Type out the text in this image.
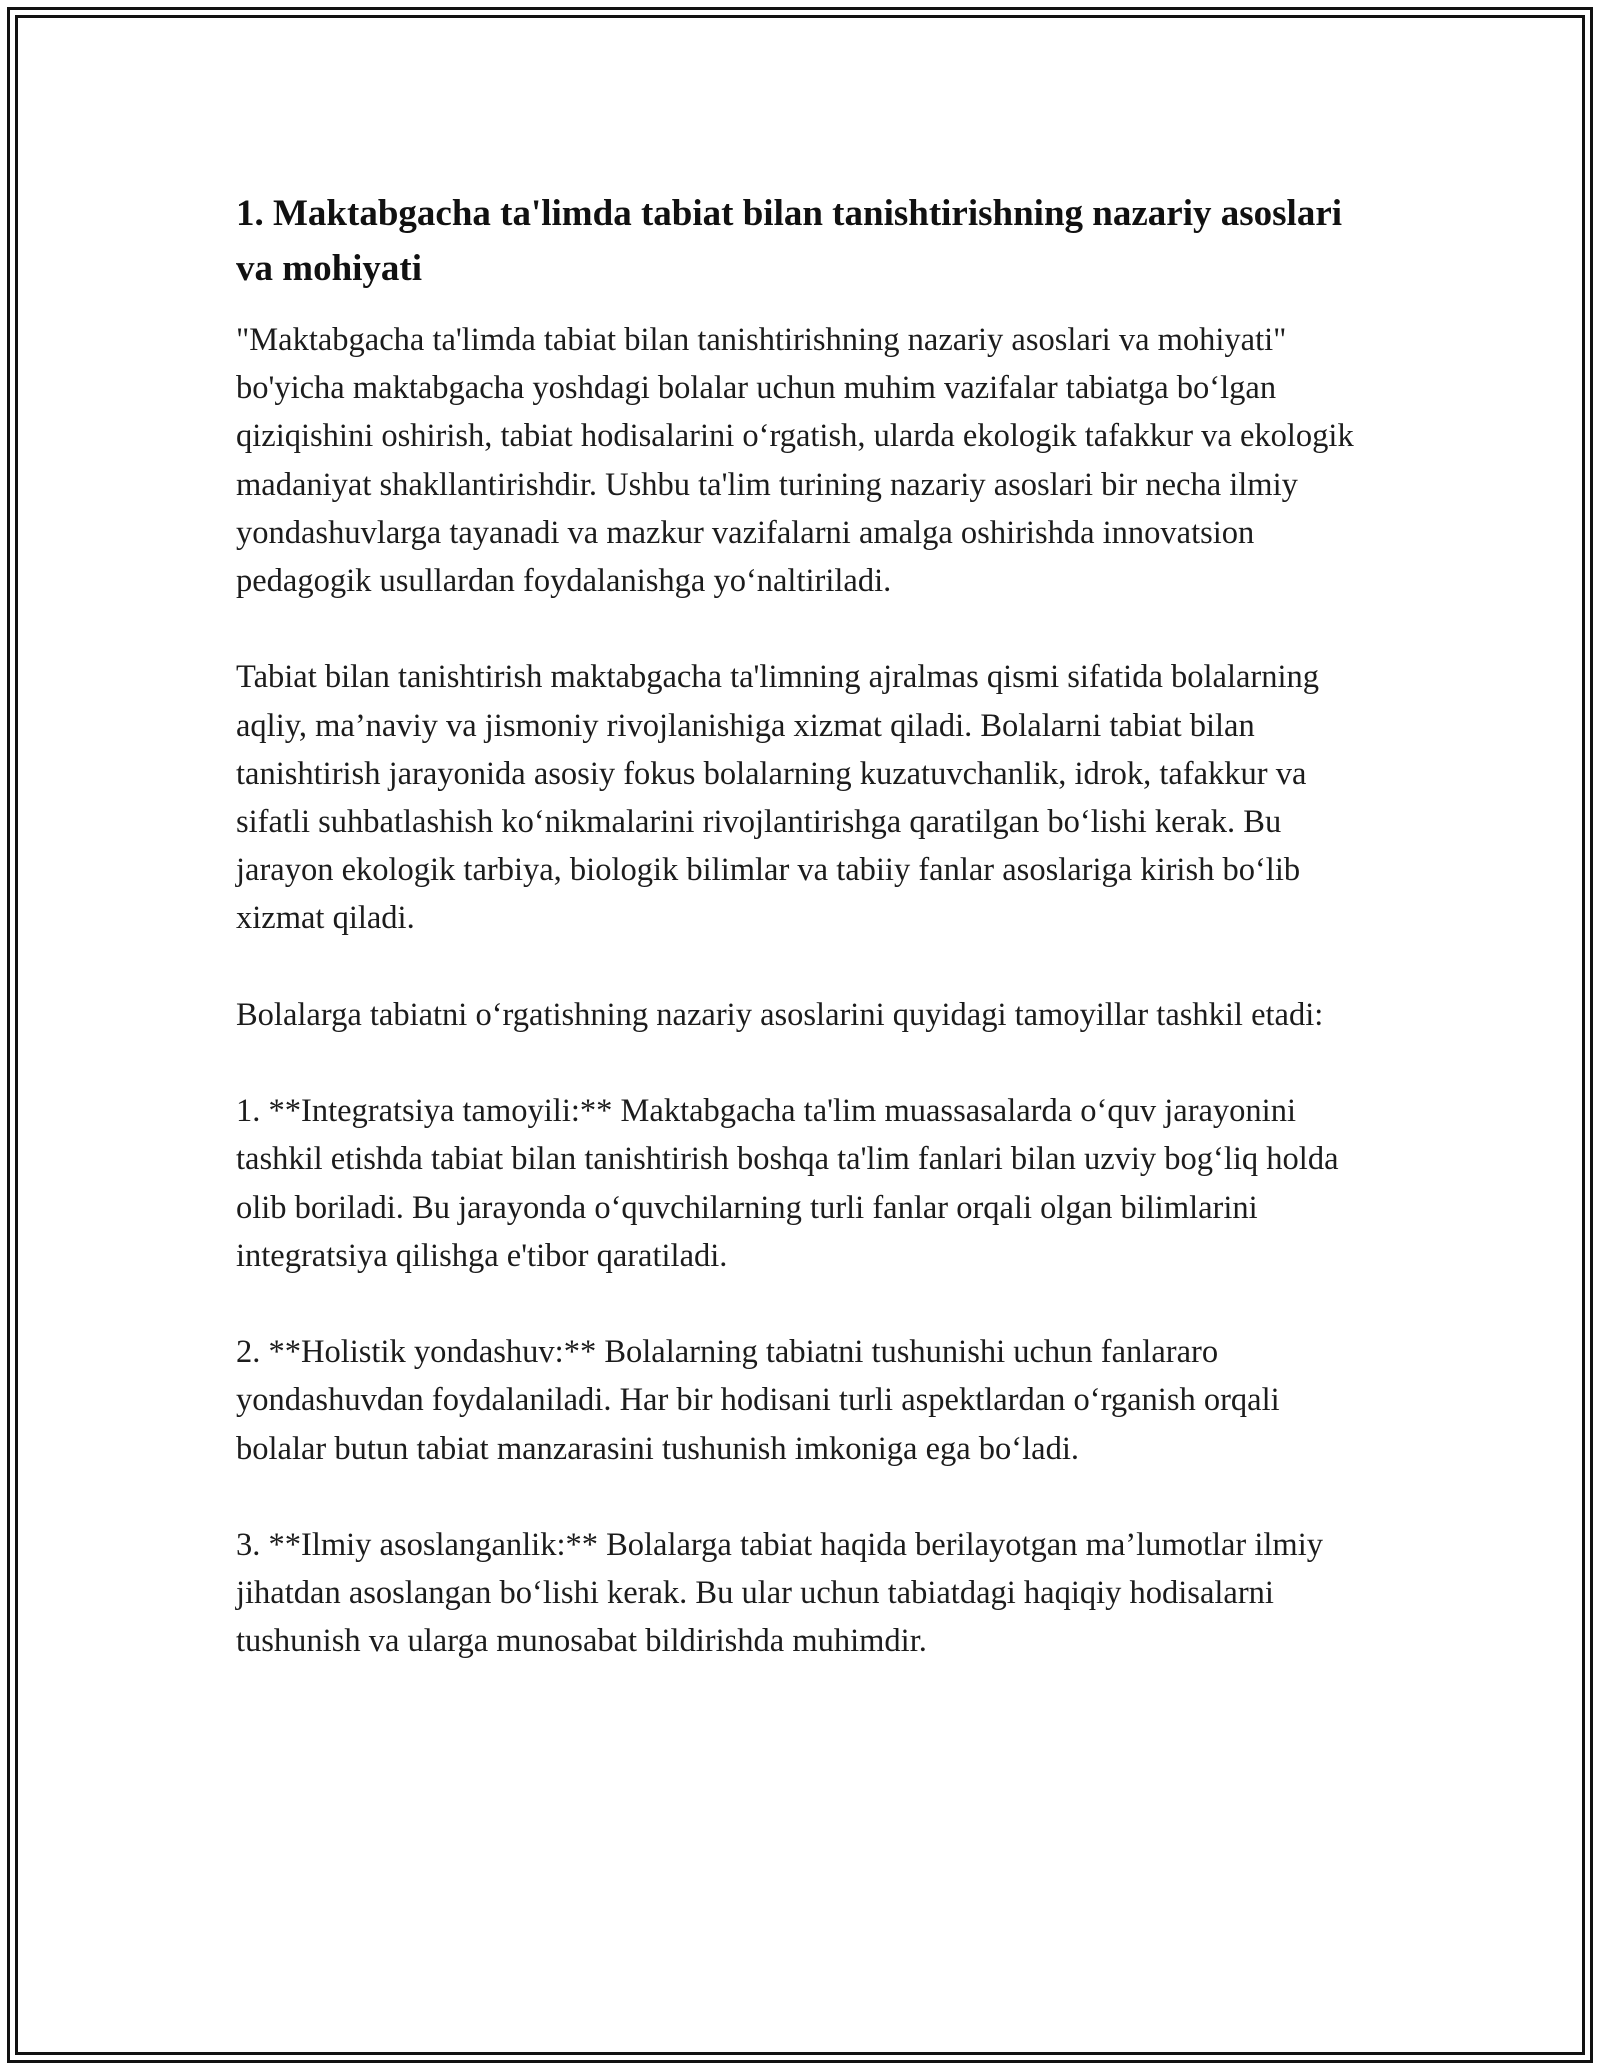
1. Maktabgacha ta'limda tabiat bilan tanishtirishning nazariy asoslari va mohiyati

"Maktabgacha ta'limda tabiat bilan tanishtirishning nazariy asoslari va mohiyati" bo'yicha maktabgacha yoshdagi bolalar uchun muhim vazifalar tabiatga bo‘lgan qiziqishini oshirish, tabiat hodisalarini o‘rgatish, ularda ekologik tafakkur va ekologik madaniyat shakllantirishdir. Ushbu ta'lim turining nazariy asoslari bir necha ilmiy yondashuvlarga tayanadi va mazkur vazifalarni amalga oshirishda innovatsion pedagogik usullardan foydalanishga yo‘naltiriladi.

Tabiat bilan tanishtirish maktabgacha ta'limning ajralmas qismi sifatida bolalarning aqliy, ma’naviy va jismoniy rivojlanishiga xizmat qiladi. Bolalarni tabiat bilan tanishtirish jarayonida asosiy fokus bolalarning kuzatuvchanlik, idrok, tafakkur va sifatli suhbatlashish ko‘nikmalarini rivojlantirishga qaratilgan bo‘lishi kerak. Bu jarayon ekologik tarbiya, biologik bilimlar va tabiiy fanlar asoslariga kirish bo‘lib xizmat qiladi.

Bolalarga tabiatni o‘rgatishning nazariy asoslarini quyidagi tamoyillar tashkil etadi:

1. **Integratsiya tamoyili:** Maktabgacha ta'lim muassasalarda o‘quv jarayonini tashkil etishda tabiat bilan tanishtirish boshqa ta'lim fanlari bilan uzviy bog‘liq holda olib boriladi. Bu jarayonda o‘quvchilarning turli fanlar orqali olgan bilimlarini integratsiya qilishga e'tibor qaratiladi.

2. **Holistik yondashuv:** Bolalarning tabiatni tushunishi uchun fanlararo yondashuvdan foydalaniladi. Har bir hodisani turli aspektlardan o‘rganish orqali bolalar butun tabiat manzarasini tushunish imkoniga ega bo‘ladi.

3. **Ilmiy asoslanganlik:** Bolalarga tabiat haqida berilayotgan ma’lumotlar ilmiy jihatdan asoslangan bo‘lishi kerak. Bu ular uchun tabiatdagi haqiqiy hodisalarni tushunish va ularga munosabat bildirishda muhimdir.
